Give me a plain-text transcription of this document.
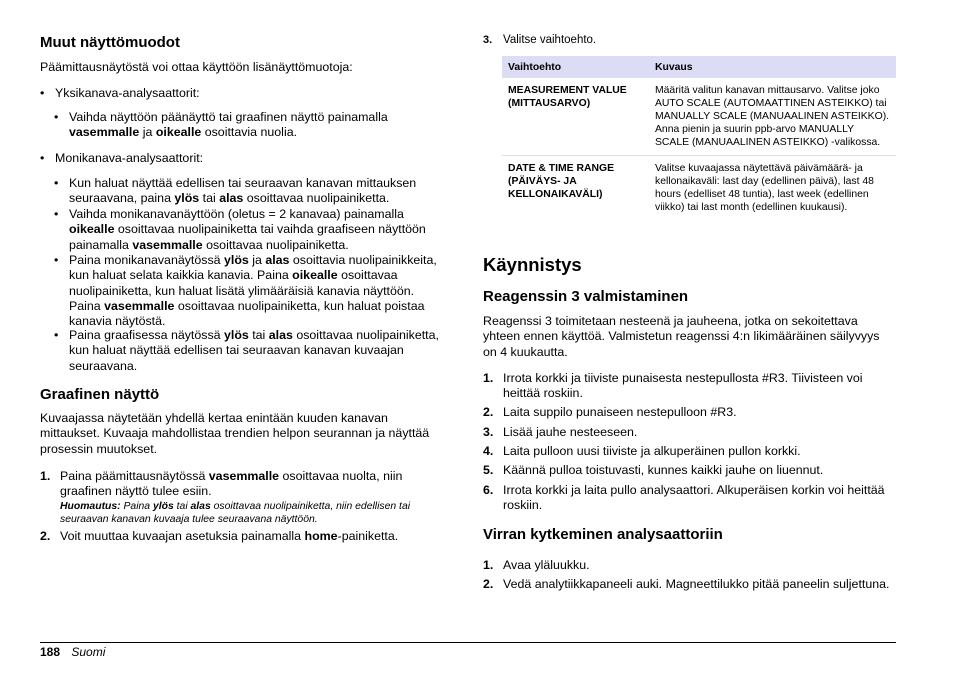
Muut näyttömuodot

Päämittausnäytöstä voi ottaa käyttöön lisänäyttömuotoja:

• Yksikanava-analysaattorit:
• Vaihda näyttöön päänäyttö tai graafinen näyttö painamalla vasemmalle ja oikealle osoittavia nuolia.
• Monikanava-analysaattorit:
• Kun haluat näyttää edellisen tai seuraavan kanavan mittauksen seuraavana, paina ylös tai alas osoittavaa nuolipainiketta.
• Vaihda monikanavanäyttöön (oletus = 2 kanavaa) painamalla oikealle osoittavaa nuolipainiketta tai vaihda graafiseen näyttöön painamalla vasemmalle osoittavaa nuolipainiketta.
• Paina monikanavanäytössä ylös ja alas osoittavia nuolipainikkeita, kun haluat selata kaikkia kanavia. Paina oikealle osoittavaa nuolipainiketta, kun haluat lisätä ylimääräisiä kanavia näyttöön. Paina vasemmalle osoittavaa nuolipainiketta, kun haluat poistaa kanavia näytöstä.
• Paina graafisessa näytössä ylös tai alas osoittavaa nuolipainiketta, kun haluat näyttää edellisen tai seuraavan kanavan kuvaajan seuraavana.
Graafinen näyttö

Kuvaajassa näytetään yhdellä kertaa enintään kuuden kanavan mittaukset. Kuvaaja mahdollistaa trendien helpon seurannan ja näyttää prosessin muutokset.

1. Paina päämittausnäytössä vasemmalle osoittavaa nuolta, niin graafinen näyttö tulee esiin.
Huomautus: Paina ylös tai alas osoittavaa nuolipainiketta, niin edellisen tai seuraavan kanavan kuvaaja tulee seuraavana näyttöön.
2. Voit muuttaa kuvaajan asetuksia painamalla home-painiketta.
3. Valitse vaihtoehto.
Vaihtoehto	Kuvaus
MEASUREMENT VALUE (MITTAUSARVO)	Määritä valitun kanavan mittausarvo. Valitse joko AUTO SCALE (AUTOMAATTINEN ASTEIKKO) tai MANUALLY SCALE (MANUAALINEN ASTEIKKO). Anna pienin ja suurin ppb-arvo MANUALLY SCALE (MANUAALINEN ASTEIKKO) -valikossa.
DATE & TIME RANGE (PÄIVÄYS- JA KELLONAIKAVÄLI)	Valitse kuvaajassa näytettävä päivämäärä- ja kellonaikaväli: last day (edellinen päivä), last 48 hours (edelliset 48 tuntia), last week (edellinen viikko) tai last month (edellinen kuukausi).
Käynnistys
Reagenssin 3 valmistaminen

Reagenssi 3 toimitetaan nesteenä ja jauheena, jotka on sekoitettava yhteen ennen käyttöä. Valmistetun reagenssi 4:n likimääräinen säilyvyys on 4 kuukautta.

1. Irrota korkki ja tiiviste punaisesta nestepullosta #R3. Tiivisteen voi heittää roskiin.
2. Laita suppilo punaiseen nestepulloon #R3.
3. Lisää jauhe nesteeseen.
4. Laita pulloon uusi tiiviste ja alkuperäinen pullon korkki.
5. Käännä pulloa toistuvasti, kunnes kaikki jauhe on liuennut.
6. Irrota korkki ja laita pullo analysaattori. Alkuperäisen korkin voi heittää roskiin.
Virran kytkeminen analysaattoriin
1. Avaa yläluukku.
2. Vedä analytiikkapaneeli auki. Magneettilukko pitää paneelin suljettuna.
188 Suomi
